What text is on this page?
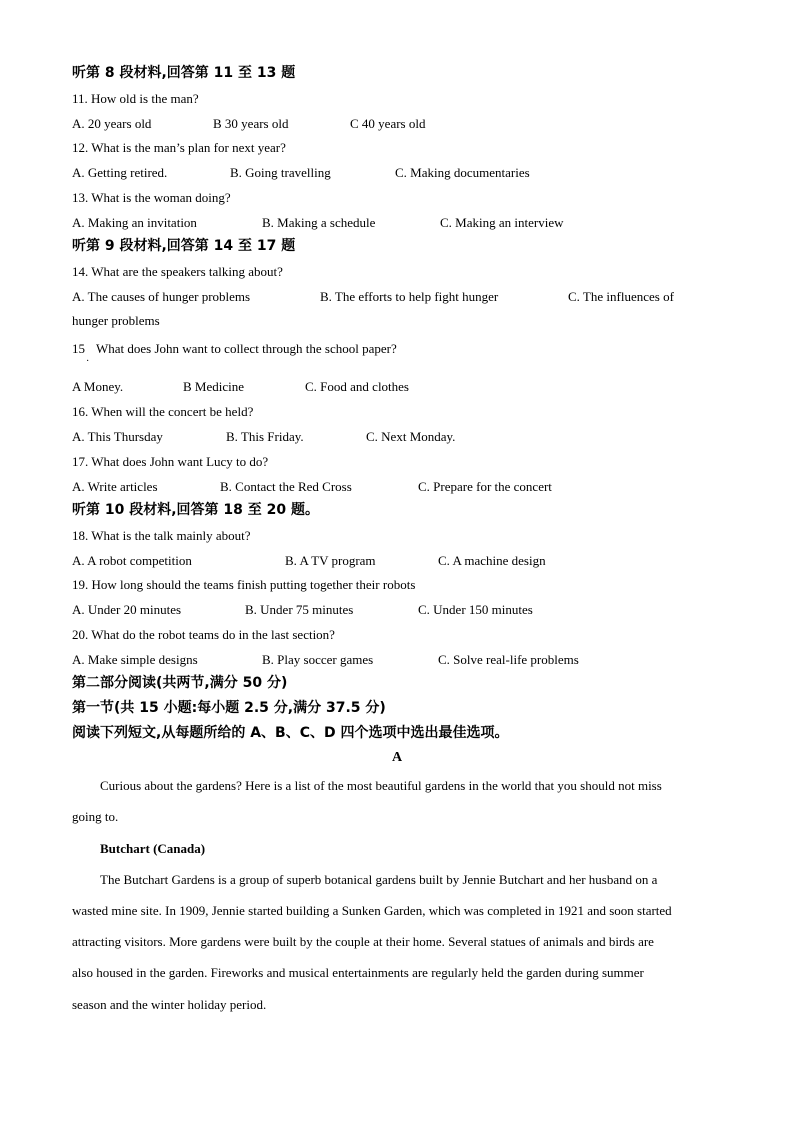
听第 8 段材料,回答第 11 至 13 题
11. How old is the man?
A. 20 years old	B 30 years old	C 40 years old
12. What is the man’s plan for next year?
A. Getting retired.	B. Going travelling	C. Making documentaries
13. What is the woman doing?
A. Making an invitation	B. Making a schedule	C. Making an interview
听第 9 段材料,回答第 14 至 17 题
14. What are the speakers talking about?
A. The causes of hunger problems	B. The efforts to help fight hunger	C. The influences of
hunger problems
15 What does John want to collect through the school paper?
·
A Money.	B Medicine	C. Food and clothes
16. When will the concert be held?
A. This Thursday	B. This Friday.	C. Next Monday.
17. What does John want Lucy to do?
A. Write articles	B. Contact the Red Cross	C. Prepare for the concert
听第 10 段材料,回答第 18 至 20 题。
18. What is the talk mainly about?
A. A robot competition	B. A TV program	C. A machine design
19. How long should the teams finish putting together their robots
A. Under 20 minutes	B. Under 75 minutes	C. Under 150 minutes
20. What do the robot teams do in the last section?
A. Make simple designs	B. Play soccer games	C. Solve real-life problems
第二部分阅读(共两节,满分 50 分)
第一节(共 15 小题:每小题 2.5 分,满分 37.5 分)
阅读下列短文,从每题所给的 A、B、C、D 四个选项中选出最佳选项。
A
Curious about the gardens? Here is a list of the most beautiful gardens in the world that you should not miss
going to.
Butchart (Canada)
The Butchart Gardens is a group of superb botanical gardens built by Jennie Butchart and her husband on a
wasted mine site. In 1909, Jennie started building a Sunken Garden, which was completed in 1921 and soon started
attracting visitors. More gardens were built by the couple at their home. Several statues of animals and birds are
also housed in the garden. Fireworks and musical entertainments are regularly held the garden during summer
season and the winter holiday period.
